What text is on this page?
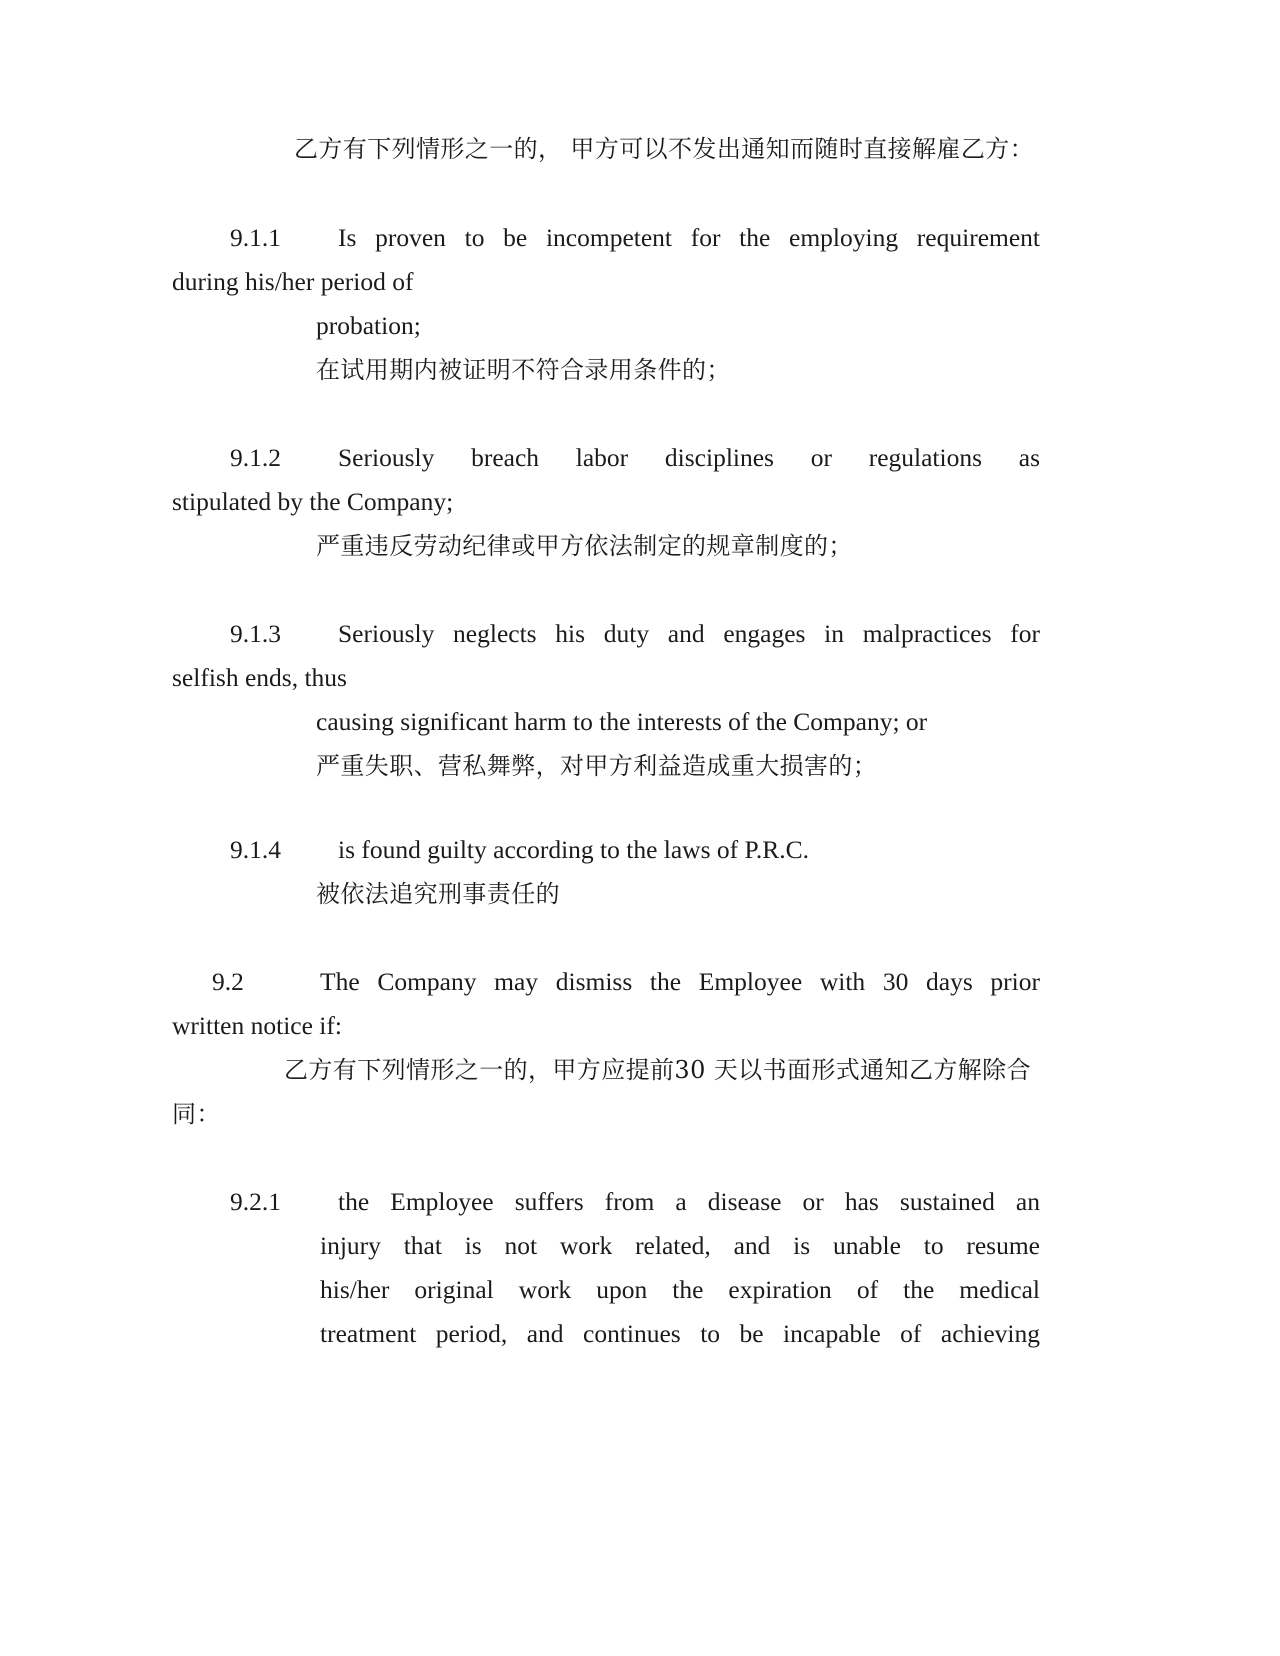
乙方有下列情形之一的， 甲方可以不发出通知而随时直接解雇乙方：

9.1.1 Is proven to be incompetent for the employing requirement

during his/her period of

probation;

在试用期内被证明不符合录用条件的；

9.1.2 Seriously breach labor disciplines or regulations as

stipulated by the Company;

严重违反劳动纪律或甲方依法制定的规章制度的；

9.1.3 Seriously neglects his duty and engages in malpractices for

selfish ends, thus

causing significant harm to the interests of the Company; or

严重失职、营私舞弊，对甲方利益造成重大损害的；

9.1.4 is found guilty according to the laws of P.R.C.

被依法追究刑事责任的

9.2	The Company may dismiss the Employee with 30 days prior

written notice if:

乙方有下列情形之一的，甲方应提前30 天以书面形式通知乙方解除合

同：

9.2.1 the Employee suffers from a disease or has sustained an

injury that is not work related, and is unable to resume

his/her original work upon the expiration of the medical

treatment period, and continues to be incapable of achieving
